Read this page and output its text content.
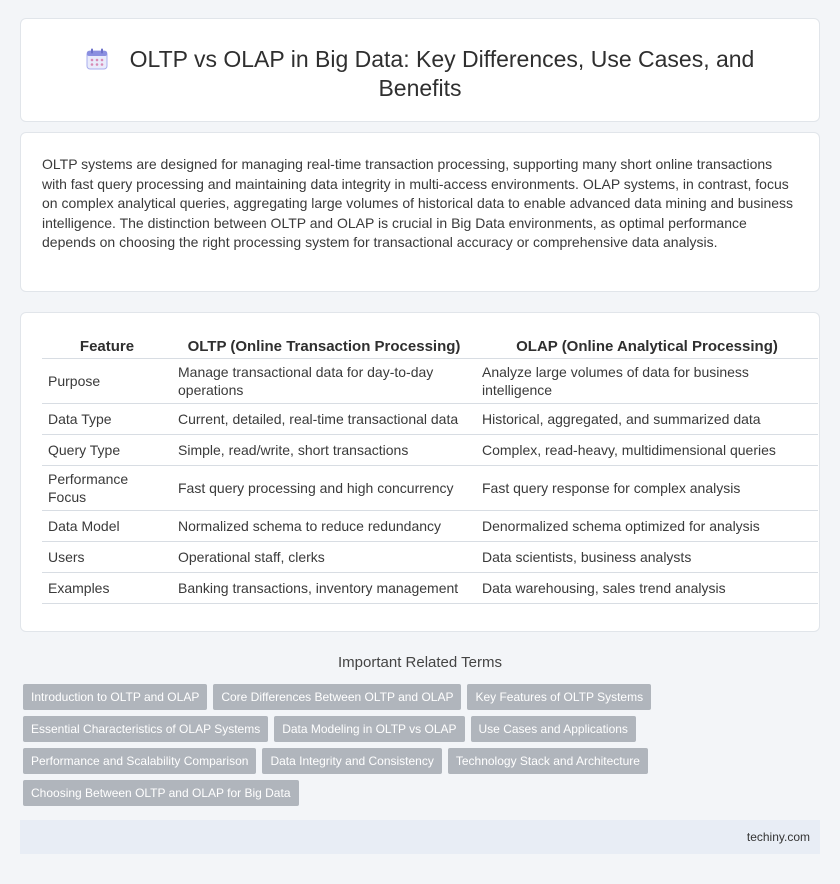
OLTP vs OLAP in Big Data: Key Differences, Use Cases, and Benefits

OLTP systems are designed for managing real-time transaction processing, supporting many short online transactions with fast query processing and maintaining data integrity in multi-access environments. OLAP systems, in contrast, focus on complex analytical queries, aggregating large volumes of historical data to enable advanced data mining and business intelligence. The distinction between OLTP and OLAP is crucial in Big Data environments, as optimal performance depends on choosing the right processing system for transactional accuracy or comprehensive data analysis.

Feature	OLTP (Online Transaction Processing)	OLAP (Online Analytical Processing)
Purpose	Manage transactional data for day-to-day operations	Analyze large volumes of data for business intelligence
Data Type	Current, detailed, real-time transactional data	Historical, aggregated, and summarized data
Query Type	Simple, read/write, short transactions	Complex, read-heavy, multidimensional queries
Performance Focus	Fast query processing and high concurrency	Fast query response for complex analysis
Data Model	Normalized schema to reduce redundancy	Denormalized schema optimized for analysis
Users	Operational staff, clerks	Data scientists, business analysts
Examples	Banking transactions, inventory management	Data warehousing, sales trend analysis
Important Related Terms
Introduction to OLTP and OLAP	Core Differences Between OLTP and OLAP	Key Features of OLTP Systems
Essential Characteristics of OLAP Systems	Data Modeling in OLTP vs OLAP	Use Cases and Applications
Performance and Scalability Comparison	Data Integrity and Consistency	Technology Stack and Architecture
Choosing Between OLTP and OLAP for Big Data
techiny.com
